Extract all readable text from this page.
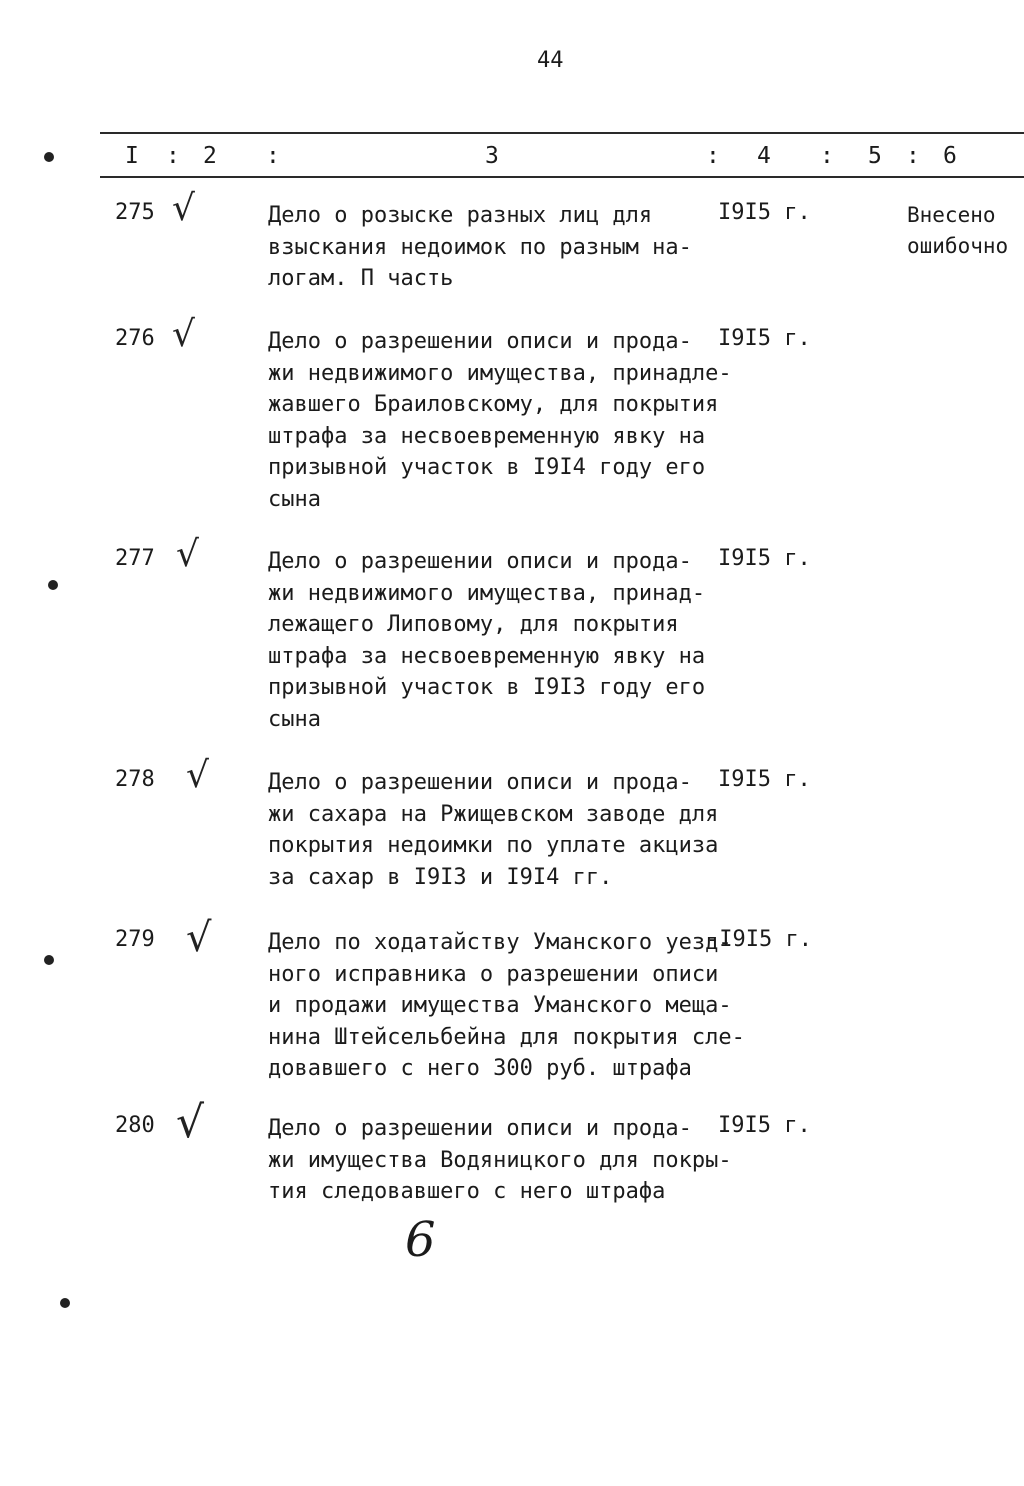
44
I : 2 :	3	: 4 : 5 : 6
275 √	Дело о розыске разных лиц для
взыскания недоимок по разным на-
логам. П часть
I9I5 г.	Внесено
ошибочно
276 √	Дело о разрешении описи и прода-
жи недвижимого имущества, принадле-
жавшего Браиловскому, для покрытия
штрафа за несвоевременную явку на
призывной участок в I9I4 году его
сына
I9I5 г.
277 √	Дело о разрешении описи и прода-
жи недвижимого имущества, принад-
лежащего Липовому, для покрытия
штрафа за несвоевременную явку на
призывной участок в I9I3 году его
сына
I9I5 г.
278 √	Дело о разрешении описи и прода-
жи сахара на Ржищевском заводе для
покрытия недоимки по уплате акциза
за сахар в I9I3 и I9I4 гг.
I9I5 г.
279 √	Дело по ходатайству Уманского уезд-
ного исправника о разрешении описи
и продажи имущества Уманского меща-
нина Штейсельбейна для покрытия сле-
довавшего с него 300 руб. штрафа
-I9I5 г.
280 √	Дело о разрешении описи и прода-
жи имущества Водяницкого для покры-
тия следовавшего с него штрафа
I9I5 г.
6
